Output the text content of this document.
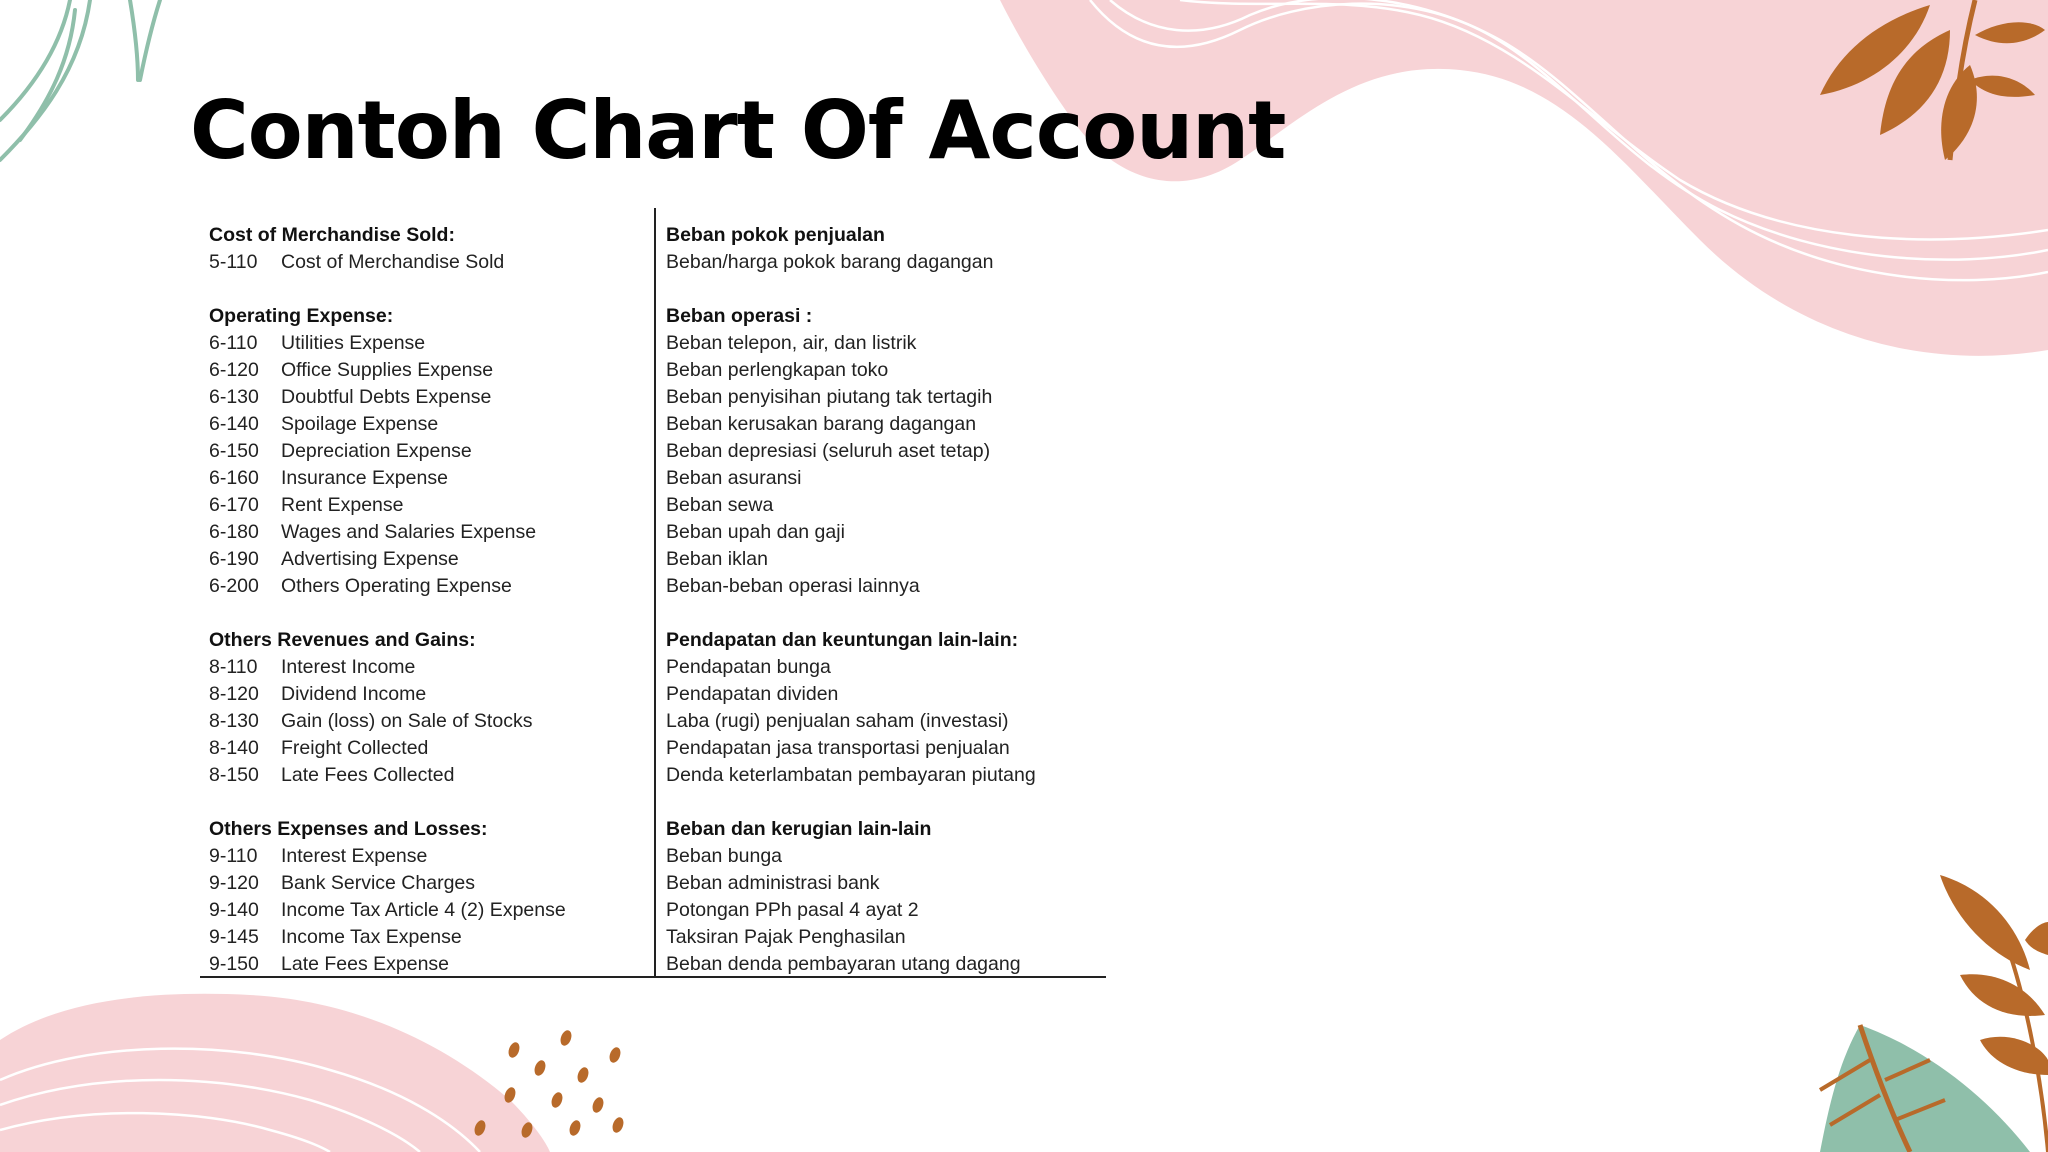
Contoh Chart Of Account
Cost of Merchandise Sold:
5-110 Cost of Merchandise Sold
Operating Expense:
6-110 Utilities Expense
6-120 Office Supplies Expense
6-130 Doubtful Debts Expense
6-140 Spoilage Expense
6-150 Depreciation Expense
6-160 Insurance Expense
6-170 Rent Expense
6-180 Wages and Salaries Expense
6-190 Advertising Expense
6-200 Others Operating Expense
Others Revenues and Gains:
8-110 Interest Income
8-120 Dividend Income
8-130 Gain (loss) on Sale of Stocks
8-140 Freight Collected
8-150 Late Fees Collected
Others Expenses and Losses:
9-110 Interest Expense
9-120 Bank Service Charges
9-140 Income Tax Article 4 (2) Expense
9-145 Income Tax Expense
9-150 Late Fees Expense
Beban pokok penjualan
Beban/harga pokok barang dagangan
Beban operasi :
Beban telepon, air, dan listrik
Beban perlengkapan toko
Beban penyisihan piutang tak tertagih
Beban kerusakan barang dagangan
Beban depresiasi (seluruh aset tetap)
Beban asuransi
Beban sewa
Beban upah dan gaji
Beban iklan
Beban-beban operasi lainnya
Pendapatan dan keuntungan lain-lain:
Pendapatan bunga
Pendapatan dividen
Laba (rugi) penjualan saham (investasi)
Pendapatan jasa transportasi penjualan
Denda keterlambatan pembayaran piutang
Beban dan kerugian lain-lain
Beban bunga
Beban administrasi bank
Potongan PPh pasal 4 ayat 2
Taksiran Pajak Penghasilan
Beban denda pembayaran utang dagang
